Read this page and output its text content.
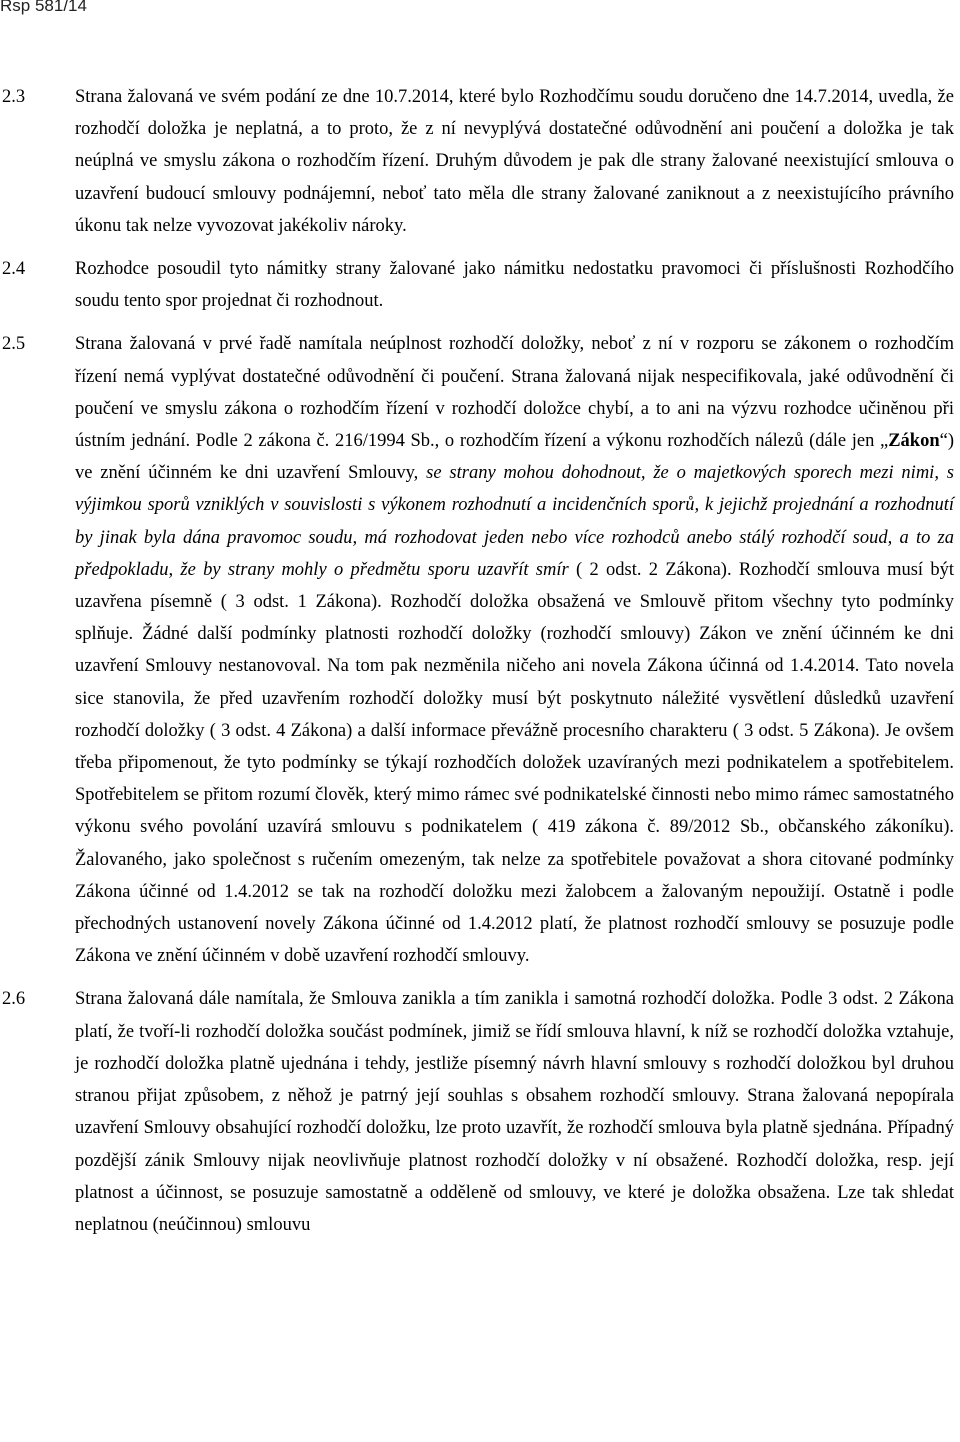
Rsp 581/14
2.3	Strana žalovaná ve svém podání ze dne 10.7.2014, které bylo Rozhodčímu soudu doručeno dne 14.7.2014, uvedla, že rozhodčí doložka je neplatná, a to proto, že z ní nevyplývá dostatečné odůvodnění ani poučení a doložka je tak neúplná ve smyslu zákona o rozhodčím řízení. Druhým důvodem je pak dle strany žalované neexistující smlouva o uzavření budoucí smlouvy podnájemní, neboť tato měla dle strany žalované zaniknout a z neexistujícího právního úkonu tak nelze vyvozovat jakékoliv nároky.
2.4	Rozhodce posoudil tyto námitky strany žalované jako námitku nedostatku pravomoci či příslušnosti Rozhodčího soudu tento spor projednat či rozhodnout.
2.5	Strana žalovaná v prvé řadě namítala neúplnost rozhodčí doložky, neboť z ní v rozporu se zákonem o rozhodčím řízení nemá vyplývat dostatečné odůvodnění či poučení. Strana žalovaná nijak nespecifikovala, jaké odůvodnění či poučení ve smyslu zákona o rozhodčím řízení v rozhodčí doložce chybí, a to ani na výzvu rozhodce učiněnou při ústním jednání. Podle 2 zákona č. 216/1994 Sb., o rozhodčím řízení a výkonu rozhodčích nálezů (dále jen „Zákon“) ve znění účinném ke dni uzavření Smlouvy, se strany mohou dohodnout, že o majetkových sporech mezi nimi, s výjimkou sporů vzniklých v souvislosti s výkonem rozhodnutí a incidenčních sporů, k jejichž projednání a rozhodnutí by jinak byla dána pravomoc soudu, má rozhodovat jeden nebo více rozhodců anebo stálý rozhodčí soud, a to za předpokladu, že by strany mohly o předmětu sporu uzavřít smír ( 2 odst. 2 Zákona). Rozhodčí smlouva musí být uzavřena písemně ( 3 odst. 1 Zákona). Rozhodčí doložka obsažená ve Smlouvě přitom všechny tyto podmínky splňuje. Žádné další podmínky platnosti rozhodčí doložky (rozhodčí smlouvy) Zákon ve znění účinném ke dni uzavření Smlouvy nestanovoval. Na tom pak nezměnila ničeho ani novela Zákona účinná od 1.4.2014. Tato novela sice stanovila, že před uzavřením rozhodčí doložky musí být poskytnuto náležité vysvětlení důsledků uzavření rozhodčí doložky ( 3 odst. 4 Zákona) a další informace převážně procesního charakteru ( 3 odst. 5 Zákona). Je ovšem třeba připomenout, že tyto podmínky se týkají rozhodčích doložek uzavíraných mezi podnikatelem a spotřebitelem. Spotřebitelem se přitom rozumí člověk, který mimo rámec své podnikatelské činnosti nebo mimo rámec samostatného výkonu svého povolání uzavírá smlouvu s podnikatelem ( 419 zákona č. 89/2012 Sb., občanského zákoníku). Žalovaného, jako společnost s ručením omezeným, tak nelze za spotřebitele považovat a shora citované podmínky Zákona účinné od 1.4.2012 se tak na rozhodčí doložku mezi žalobcem a žalovaným nepoužijí. Ostatně i podle přechodných ustanovení novely Zákona účinné od 1.4.2012 platí, že platnost rozhodčí smlouvy se posuzuje podle Zákona ve znění účinném v době uzavření rozhodčí smlouvy.
2.6	Strana žalovaná dále namítala, že Smlouva zanikla a tím zanikla i samotná rozhodčí doložka. Podle 3 odst. 2 Zákona platí, že tvoří-li rozhodčí doložka součást podmínek, jimiž se řídí smlouva hlavní, k níž se rozhodčí doložka vztahuje, je rozhodčí doložka platně ujednána i tehdy, jestliže písemný návrh hlavní smlouvy s rozhodčí doložkou byl druhou stranou přijat způsobem, z něhož je patrný její souhlas s obsahem rozhodčí smlouvy. Strana žalovaná nepopírala uzavření Smlouvy obsahující rozhodčí doložku, lze proto uzavřít, že rozhodčí smlouva byla platně sjednána. Případný pozdější zánik Smlouvy nijak neovlivňuje platnost rozhodčí doložky v ní obsažené. Rozhodčí doložka, resp. její platnost a účinnost, se posuzuje samostatně a odděleně od smlouvy, ve které je doložka obsažena. Lze tak shledat neplatnou (neúčinnou) smlouvu
